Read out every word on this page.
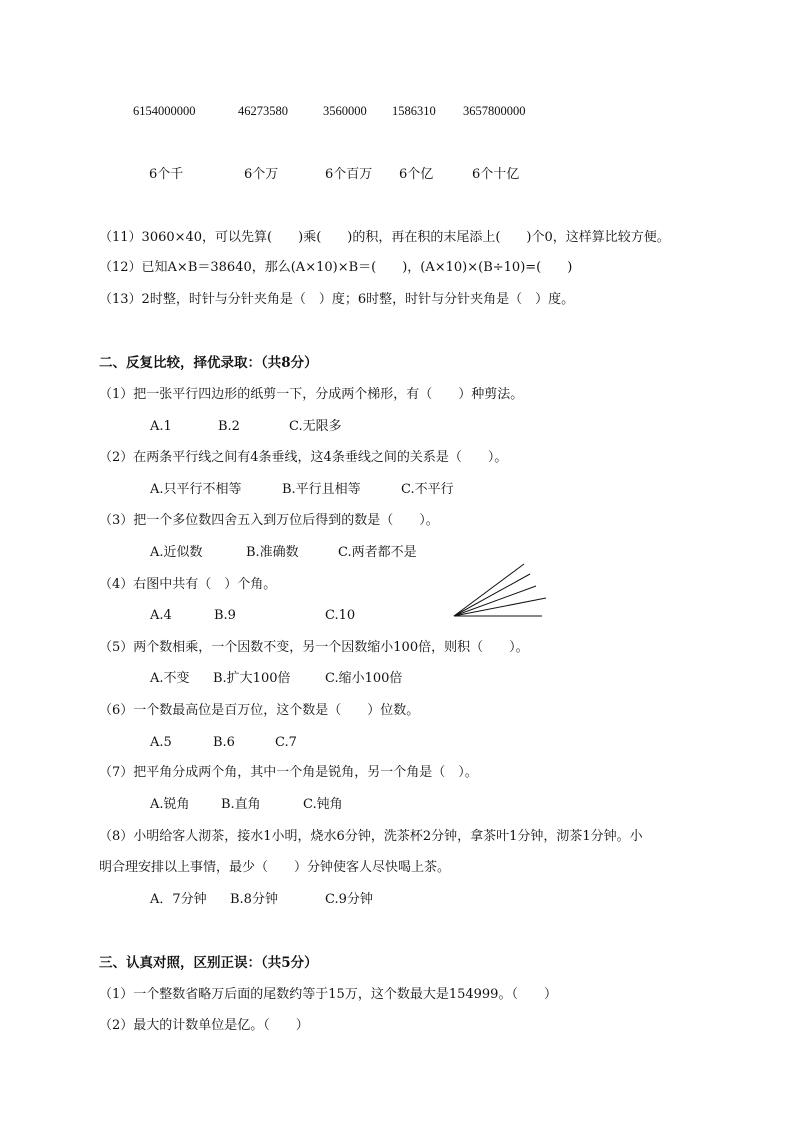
6154000000	46273580	3560000 1586310 3657800000
6个千	6个万	6个百万 6个亿	6个十亿
（11）3060×40，可以先算(　　)乘(　　)的积，再在积的末尾添上(　　)个0，这样算比较方便。
（12）已知A×B＝38640，那么(A×10)×B＝(　　)，(A×10)×(B÷10)=(　　)
（13）2时整，时针与分针夹角是（　）度；6时整，时针与分针夹角是（　）度。
二、反复比较，择优录取：（共8分）
（1）把一张平行四边形的纸剪一下，分成两个梯形，有（　　）种剪法。
A.1	B.2	C.无限多
（2）在两条平行线之间有4条垂线，这4条垂线之间的关系是（　　）。
A.只平行不相等	B.平行且相等	C.不平行
（3）把一个多位数四舍五入到万位后得到的数是（　　）。
A.近似数	B.准确数	C.两者都不是
（4）右图中共有（　）个角。
A.4	B.9	C.10
（5）两个数相乘，一个因数不变，另一个因数缩小100倍，则积（　　）。
A.不变 B.扩大100倍	C.缩小100倍
（6）一个数最高位是百万位，这个数是（　　）位数。
A.5	B.6	C.7
（7）把平角分成两个角，其中一个角是锐角，另一个角是（　）。
A.锐角 B.直角	C.钝角
（8）小明给客人沏茶，接水1小明，烧水6分钟，洗茶杯2分钟，拿茶叶1分钟，沏茶1分钟。小
明合理安排以上事情，最少（　　）分钟使客人尽快喝上茶。
A．7分钟 B.8分钟	C.9分钟
三、认真对照，区别正误：（共5分）
（1）一个整数省略万后面的尾数约等于15万，这个数最大是154999。（　　）
（2）最大的计数单位是亿。（　　）
